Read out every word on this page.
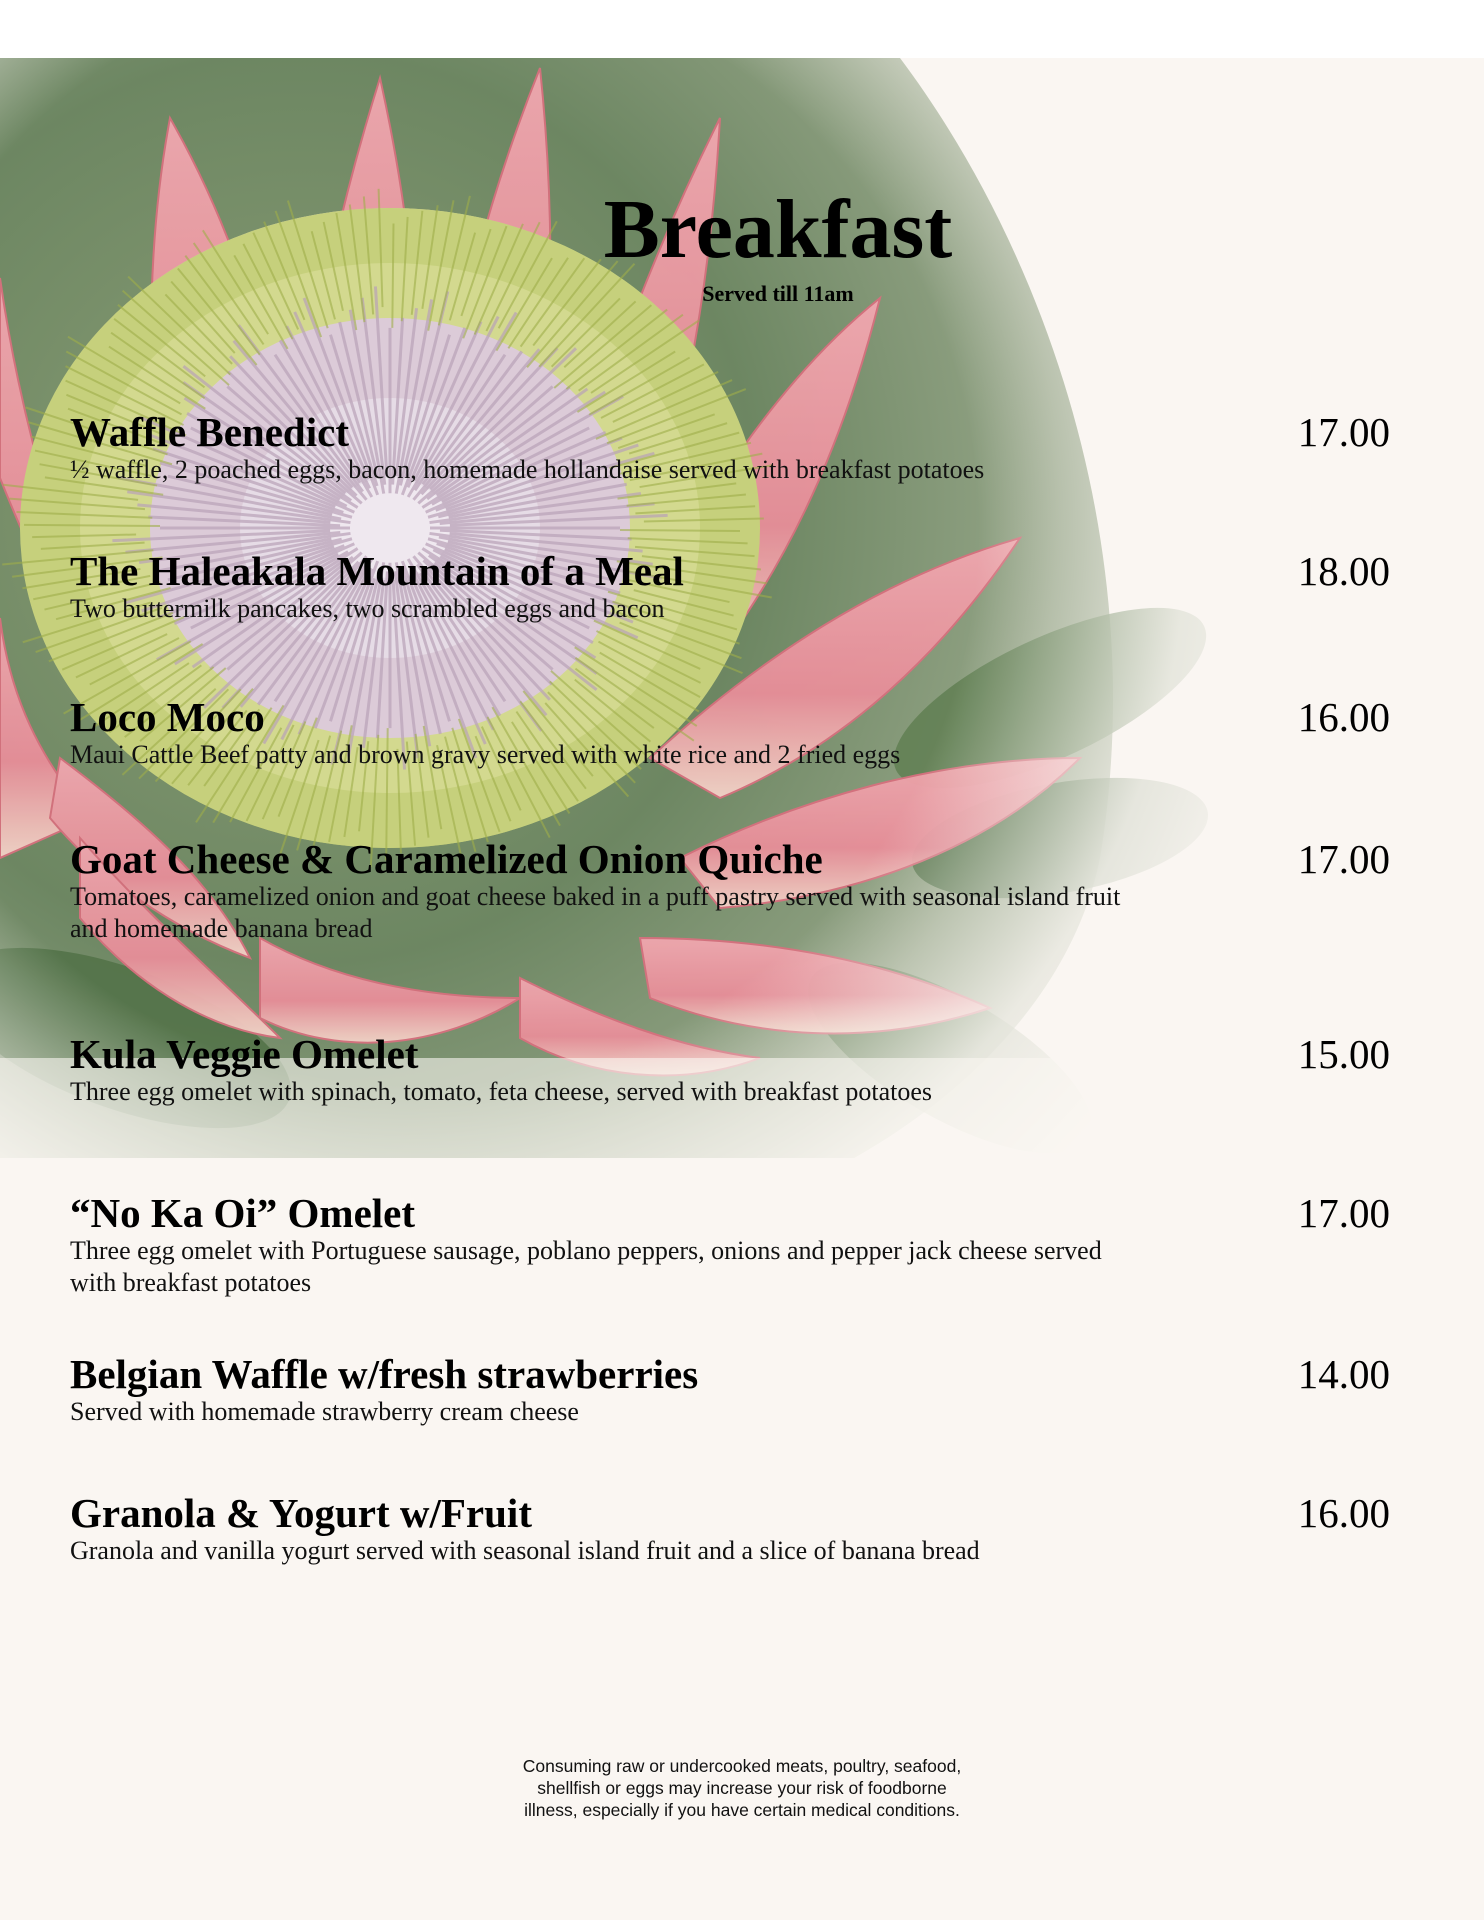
Breakfast
Served till 11am
Waffle Benedict	17.00
½ waffle, 2 poached eggs, bacon, homemade hollandaise served with breakfast potatoes
The Haleakala Mountain of a Meal	18.00
Two buttermilk pancakes, two scrambled eggs and bacon
Loco Moco	16.00
Maui Cattle Beef patty and brown gravy served with white rice and 2 fried eggs
Goat Cheese & Caramelized Onion Quiche	17.00
Tomatoes, caramelized onion and goat cheese baked in a puff pastry served with seasonal island fruit and homemade banana bread
Kula Veggie Omelet	15.00
Three egg omelet with spinach, tomato, feta cheese, served with breakfast potatoes
“No Ka Oi” Omelet	17.00
Three egg omelet with Portuguese sausage, poblano peppers, onions and pepper jack cheese served with breakfast potatoes
Belgian Waffle w/fresh strawberries	14.00
Served with homemade strawberry cream cheese
Granola & Yogurt w/Fruit	16.00
Granola and vanilla yogurt served with seasonal island fruit and a slice of banana bread
Consuming raw or undercooked meats, poultry, seafood,
shellfish or eggs may increase your risk of foodborne
illness, especially if you have certain medical conditions.
